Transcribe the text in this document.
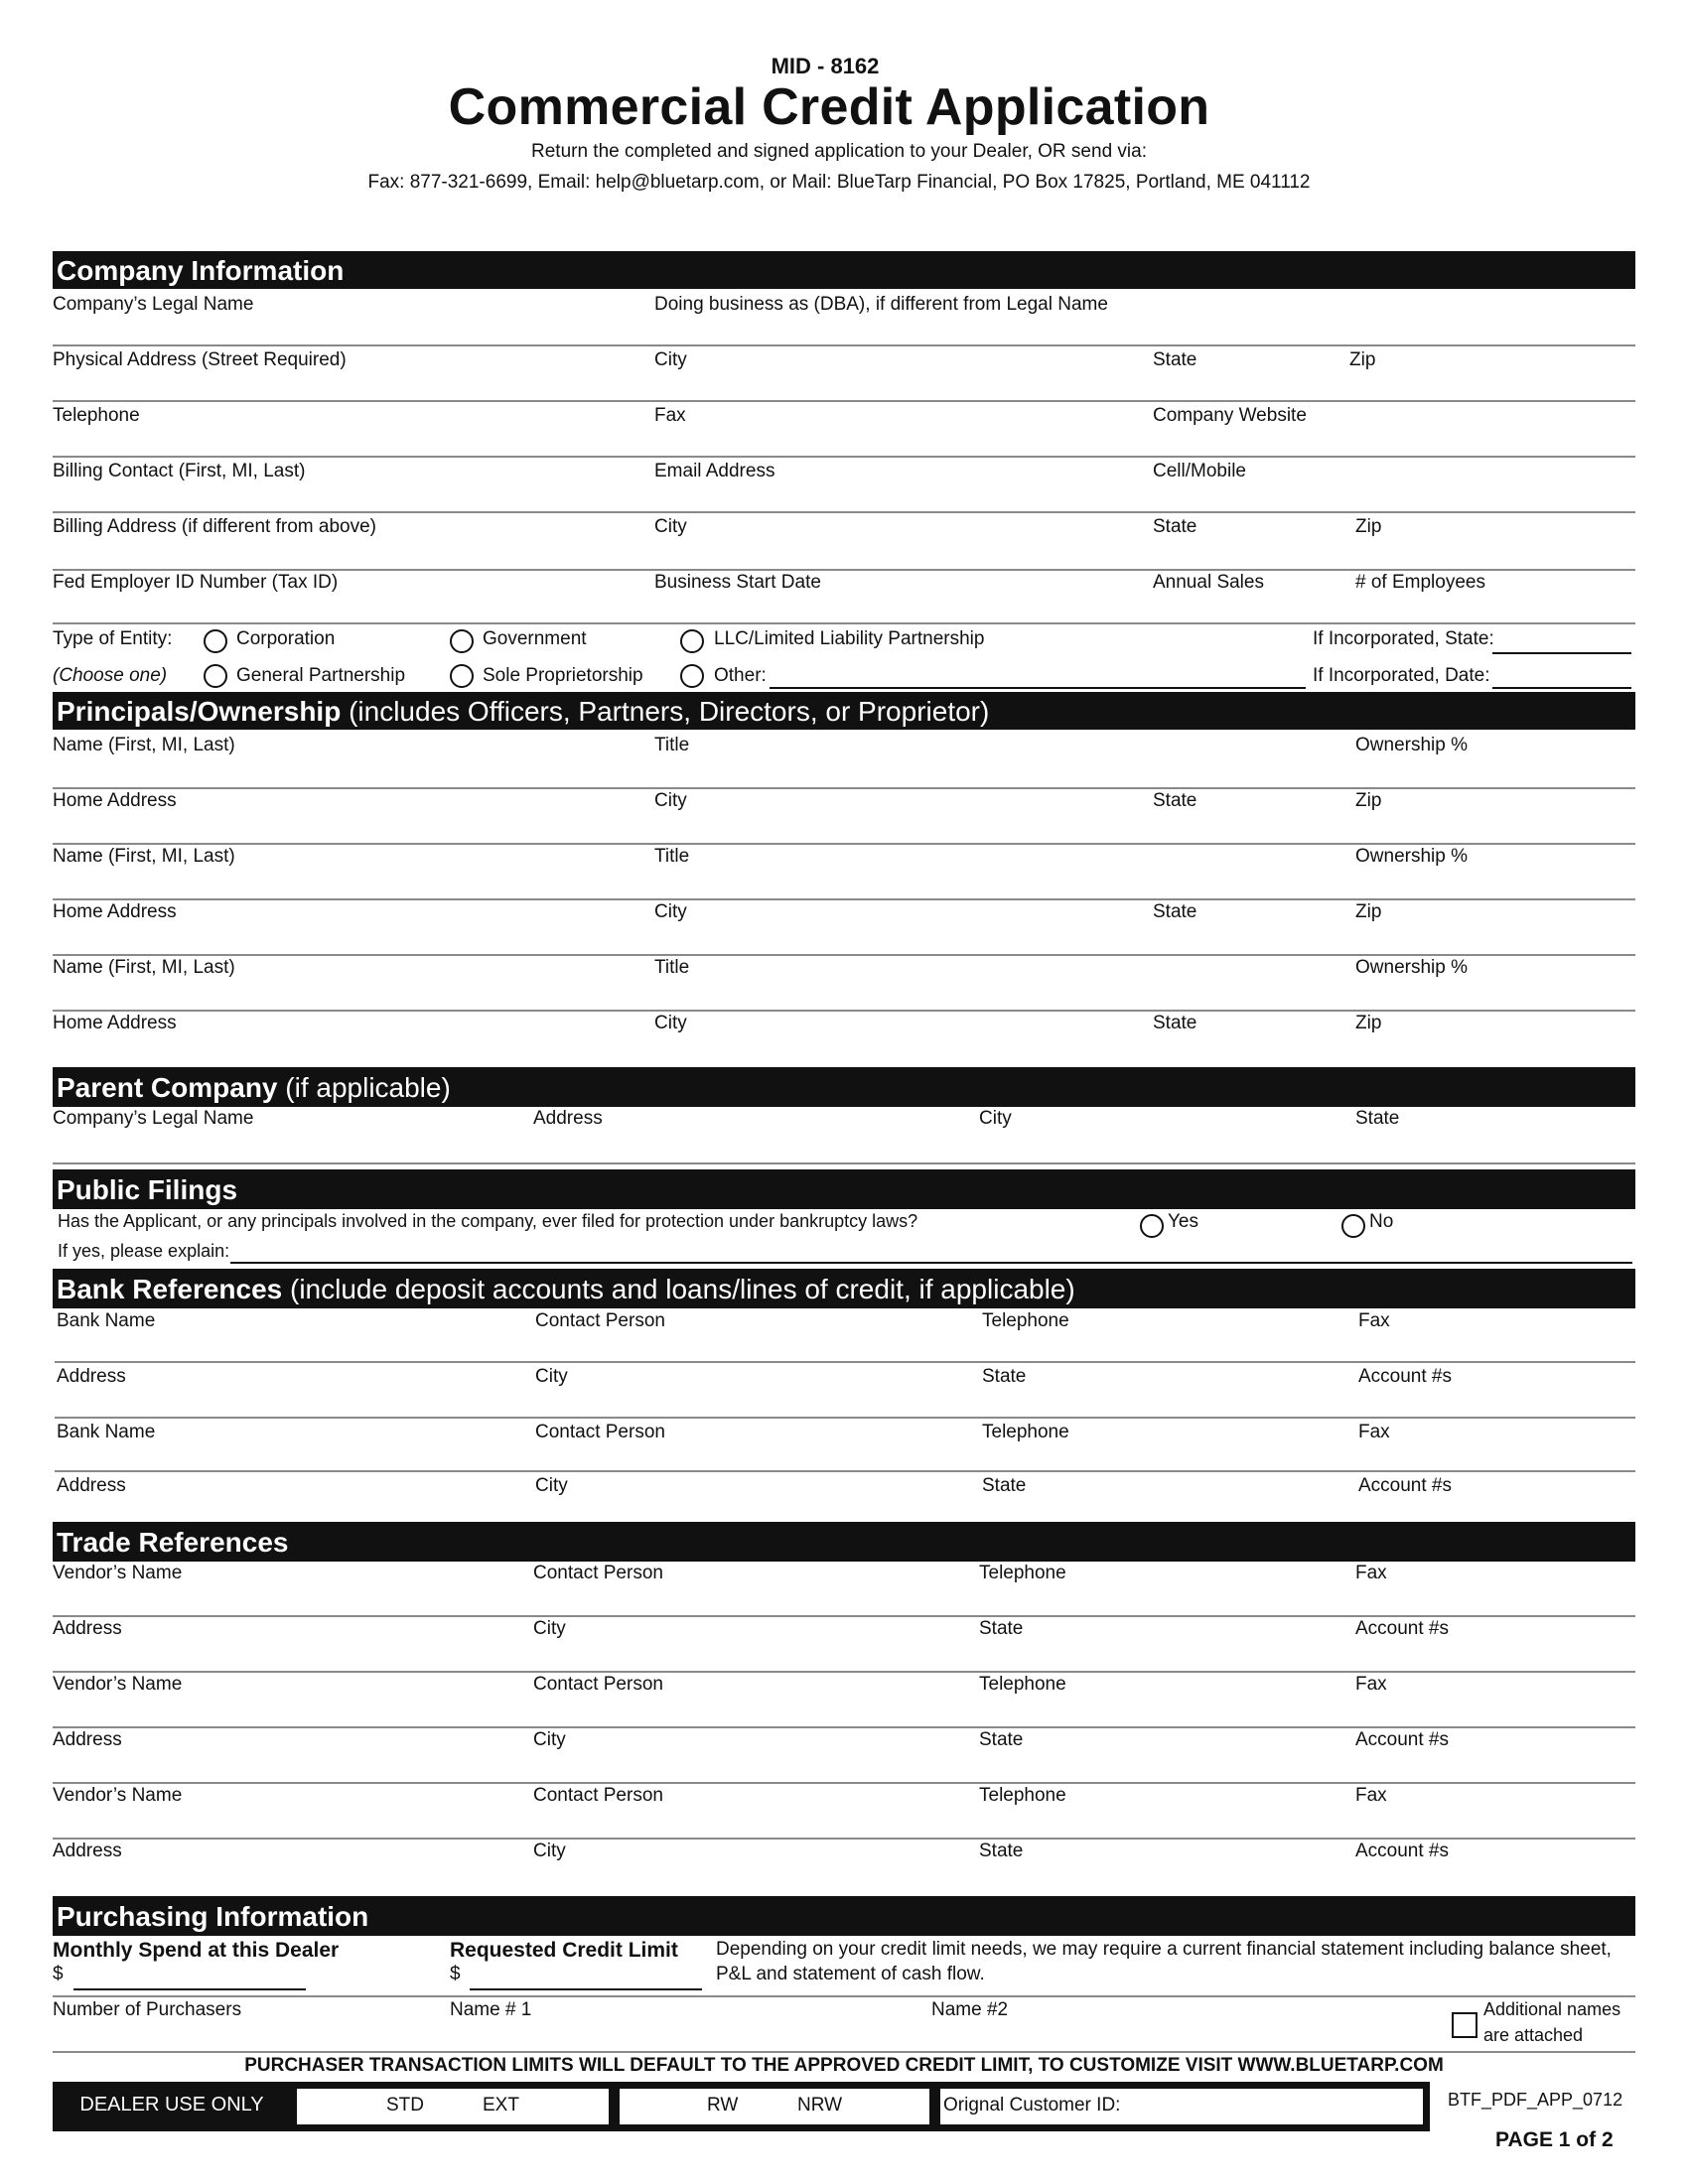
MID - 8162
Commercial Credit Application
Return the completed and signed application to your Dealer, OR send via:
Fax: 877-321-6699, Email: help@bluetarp.com, or Mail: BlueTarp Financial, PO Box 17825, Portland, ME 041112
Company Information
Company’s Legal Name	Doing business as (DBA), if different from Legal Name
Physical Address (Street Required)	City	State	Zip
Telephone	Fax	Company Website
Billing Contact (First, MI, Last)	Email Address	Cell/Mobile
Billing Address (if different from above)	City	State	Zip
Fed Employer ID Number (Tax ID)	Business Start Date	Annual Sales	# of Employees
Type of Entity:
(Choose one)
Corporation	Government	LLC/Limited Liability Partnership	If Incorporated, State:
General Partnership	Sole Proprietorship	Other:	If Incorporated, Date:
Principals/Ownership (includes Officers, Partners, Directors, or Proprietor)
Name (First, MI, Last)	Title	Ownership %
Home Address	City	State	Zip
Name (First, MI, Last)	Title	Ownership %
Home Address	City	State	Zip
Name (First, MI, Last)	Title	Ownership %
Home Address	City	State	Zip
Parent Company (if applicable)
Company’s Legal Name	Address	City	State
Public Filings
Has the Applicant, or any principals involved in the company, ever filed for protection under bankruptcy laws?	Yes	No
If yes, please explain:
Bank References (include deposit accounts and loans/lines of credit, if applicable)
Bank Name	Contact Person	Telephone	Fax
Address	City	State	Account #s
Bank Name	Contact Person	Telephone	Fax
Address	City	State	Account #s
Trade References
Vendor’s Name	Contact Person	Telephone	Fax
Address	City	State	Account #s
Vendor’s Name	Contact Person	Telephone	Fax
Address	City	State	Account #s
Vendor’s Name	Contact Person	Telephone	Fax
Address	City	State	Account #s
Purchasing Information
Monthly Spend at this Dealer
$
Requested Credit Limit
$
Depending on your credit limit needs, we may require a current financial statement including balance sheet,
P&L and statement of cash flow.
Number of Purchasers	Name # 1	Name #2	Additional names
are attached
PURCHASER TRANSACTION LIMITS WILL DEFAULT TO THE APPROVED CREDIT LIMIT, TO CUSTOMIZE VISIT WWW.BLUETARP.COM
DEALER USE ONLY	STD	EXT	RW	NRW	Orignal Customer ID:	BTF_PDF_APP_0712
PAGE 1 of 2
